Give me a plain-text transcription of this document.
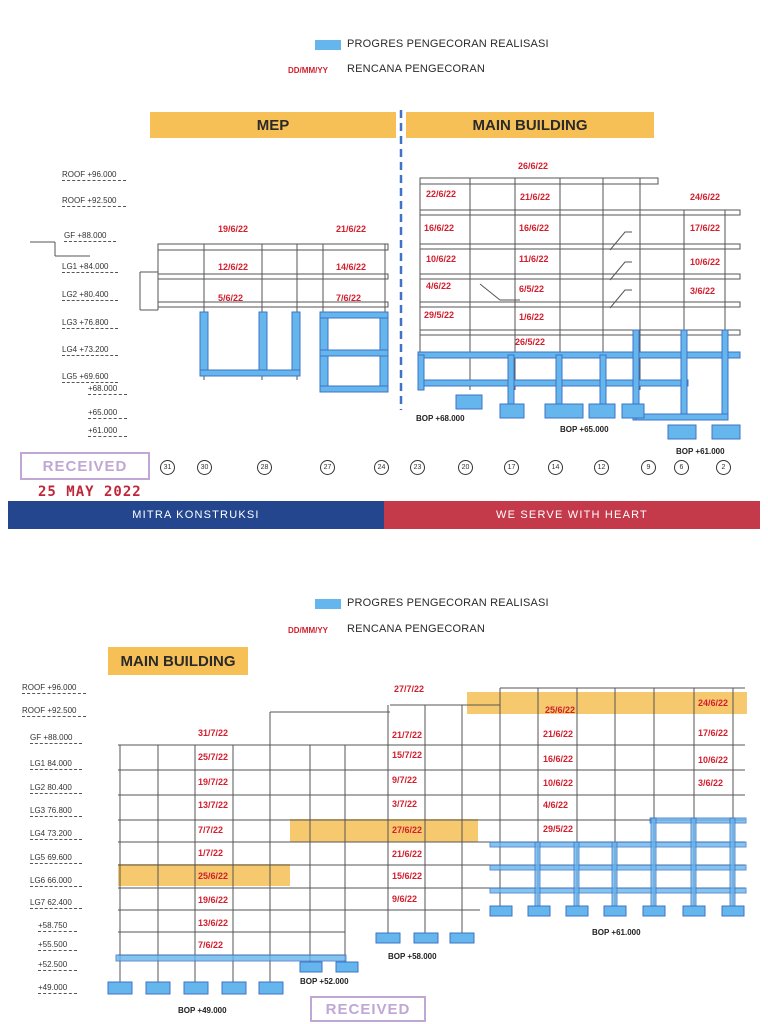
PROGRES PENGECORAN REALISASI
DD/MM/YY RENCANA PENGECORAN
MEP	MAIN BUILDING
ROOF +96.000
ROOF +92.500
GF +88.000
LG1 +84.000
LG2 +80.400
LG3 +76.800
LG4 +73.200
LG5 +69.600
+68.000
+65.000
+61.000
19/6/22	21/6/22
12/6/22	14/6/22
5/6/22	7/6/22
26/6/22
22/6/22	21/6/22	24/6/22
16/6/22	16/6/22	17/6/22
10/6/22	11/6/22	10/6/22
4/6/22	6/5/22	3/6/22
29/5/22	1/6/22
26/5/22
BOP +68.000
BOP +65.000
BOP +61.000
31	30	28	27	24	23	20	17	14	12	9	6	2
RECEIVED
25 MAY 2022
MITRA KONSTRUKSI	WE SERVE WITH HEART
PROGRES PENGECORAN REALISASI
DD/MM/YY RENCANA PENGECORAN
MAIN BUILDING
ROOF +96.000
ROOF +92.500
GF +88.000
LG1 84.000
LG2 80.400
LG3 76.800
LG4 73.200
LG5 69.600
LG6 66.000
LG7 62.400
+58.750
+55.500
+52.500
+49.000
31/7/22
25/7/22
19/7/22
13/7/22
7/7/22
1/7/22
25/6/22
19/6/22
13/6/22
7/6/22
27/7/22
21/7/22
15/7/22
9/7/22
3/7/22
27/6/22
21/6/22
15/6/22
9/6/22
25/6/22
21/6/22
16/6/22
10/6/22
4/6/22
29/5/22
24/6/22
17/6/22
10/6/22
3/6/22
BOP +49.000
BOP +52.000
BOP +58.000
BOP +61.000
RECEIVED
